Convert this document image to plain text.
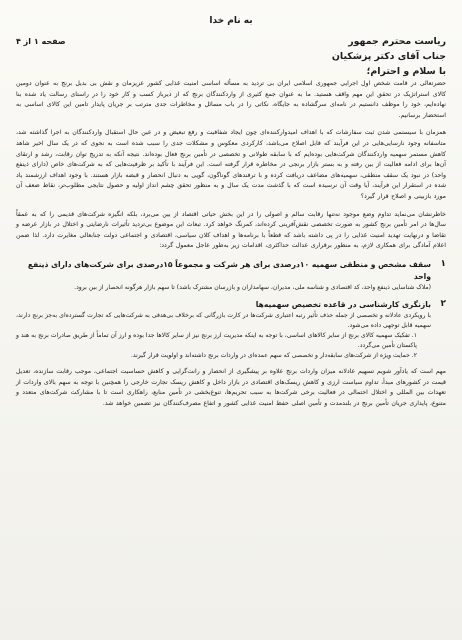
به نام خدا
ریاست محترم جمهور
جناب آقای دکتر پزشکیان
با سلام و احترام؛
صفحه ۱ از ۴

حضرتعالی در قامت شخص اول اجرایی جمهوری اسلامی ایران بی تردید به مسأله اساسی امنیت غذایی کشور عزیزمان و نقش بی بدیل برنج به عنوان دومین کالای استراتژیک در تحقق این مهم واقف هستید. ما به عنوان جمع کثیری از واردکنندگان برنج که از دیرباز کسب و کار خود را در راستای رسالت یاد شده بنا نهاده‌ایم، خود را موظف دانستیم در نامه‌ای سرگشاده به جایگاه، نکاتی را در باب مسائل و مخاطرات جدی مترتب بر جریان پایدار تامین این کالای اساسی به استحضار برسانیم.

همزمان با سیستمی شدن ثبت سفارشات که با اهداف امیدوارکننده‌ای چون ایجاد شفافیت و رفع تبعیض و در عین حال استقبال واردکنندگان به اجرا گذاشته شد، متاسفانه وجود نارسایی‌هایی در این فرآیند که قابل اصلاح می‌باشد، کارکردی معکوس و مشکلات جدی را سبب شده است به نحوی که در یک سال اخیر شاهد کاهش مستمر سهمیه واردکنندگان شرکت‌هایی بوده‌ایم که با سابقه طولانی و تخصصی در تأمین برنج فعال بوده‌اند. نتیجه آنکه به تدریج توان رقابت، رشد و ارتقای آن‌ها برای ادامه فعالیت از بین رفته و به بستر بازار برنجی در مخاطره قرار گرفته است. این فرآیند با تأکید بر ظرفیت‌هایی که به شرکت‌های خاص (دارای ذینفع واحد) در نبود یک سقف منطقی، سهمیه‌های مضاعف دریافت کرده و با ترفندهای گوناگون، گویی به دنبال انحصار و قبضه بازار هستند. با وجود اهداف ارزشمند یاد شده در استقرار این فرآیند، آیا وقت آن نرسیده است که با گذشت مدت یک سال و به منظور تحقق چشم انداز اولیه و حصول نتایجی مطلوب‌تر، نقاط ضعف آن مورد بازبینی و اصلاح قرار گیرد؟

خاطرنشان می‌نماید تداوم وضع موجود نه‌تنها رقابت سالم و اصولی را در این بخش حیاتی اقتصاد از بین می‌برد، بلکه انگیزه شرکت‌های قدیمی را که به‌ عمقاً سال‌ها در امر تأمین برنج کشور به صورت تخصصی نقش‌آفرینی کرده‌اند، کمرنگ خواهد کرد. تبعات این موضوع بی‌تردید تأثیرات نارضایتی و اختلال در بازار عرضه و تقاضا و درنهایت تهدید امنیت غذایی را در پی داشته باشد که قطعاً با برنامه‌ها و اهداف کلان سیاسی، اقتصادی و اجتماعی دولت جنابعالی مغایرت دارد. لذا ضمن اعلام آمادگی برای همکاری لازم، به منظور برقراری عدالت حداکثری، اقدامات زیر به‌طور عاجل معمول گردد:

۱
سقف مشخص و منطقی سهمیه ۱۰درصدی برای هر شرکت و مجموعاً ۱۵درصدی برای شرکت‌های دارای ذینفع واحد
(ملاک شناسایی ذینفع واحد، کد اقتصادی و شناسه ملی، مدیران، سهامداران و بازرسان مشترک باشد) تا سهم بازار هرگونه انحصار از بین برود.
۲
بازنگری کارشناسی در قاعده تخصیص سهمیه‌ها
با رویکردی عادلانه و تخصصی از جمله حذف تأثیر رتبه اعتباری شرکت‌ها در کارت بازرگانی که برخلاف بی‌هدفی به شرکت‌هایی که تجارت گسترده‌ای به‌جز برنج دارند، سهمیه قابل توجهی داده می‌شود.
۱. تفکیک سهمیه کالای برنج از سایر کالاهای اساسی، با توجه به اینکه مدیریت ارز برنج نیز از سایر کالاها جدا بوده و ارز آن تماماً از طریق صادرات برنج به هند و پاکستان تأمین می‌گردد.
۲. حمایت ویژه از شرکت‌های سابقه‌دار و تخصصی که سهم عمده‌ای در واردات برنج داشته‌اند و اولویت قرار گیرند.

مهم است که یادآور شویم تسهیم عادلانه میزان واردات برنج علاوه بر پیشگیری از انحصار و رانت‌گرایی و کاهش حساسیت اجتماعی، موجب رقابت سازنده، تعدیل قیمت در کشورهای مبدأ، تداوم سیاست ارزی و کاهش ریسک‌های اقتصادی در بازار داخل و کاهش ریسک تجارت خارجی را همچنین با توجه به سهم بالای واردات از تعهدات بین المللی و اختلال احتمالی در فعالیت برخی شرکت‌ها به سبب تحریم‌ها، تنوع‌بخشی در تأمین منابع، راهکاری است تا با مشارکت شرکت‌های متعدد و متنوع، پایداری جریان تأمین برنج در بلندمدت و تأمین اصلی حفظ امنیت غذایی کشور و اتفاع مصرف‌کنندگان نیز تضمین خواهد شد.
